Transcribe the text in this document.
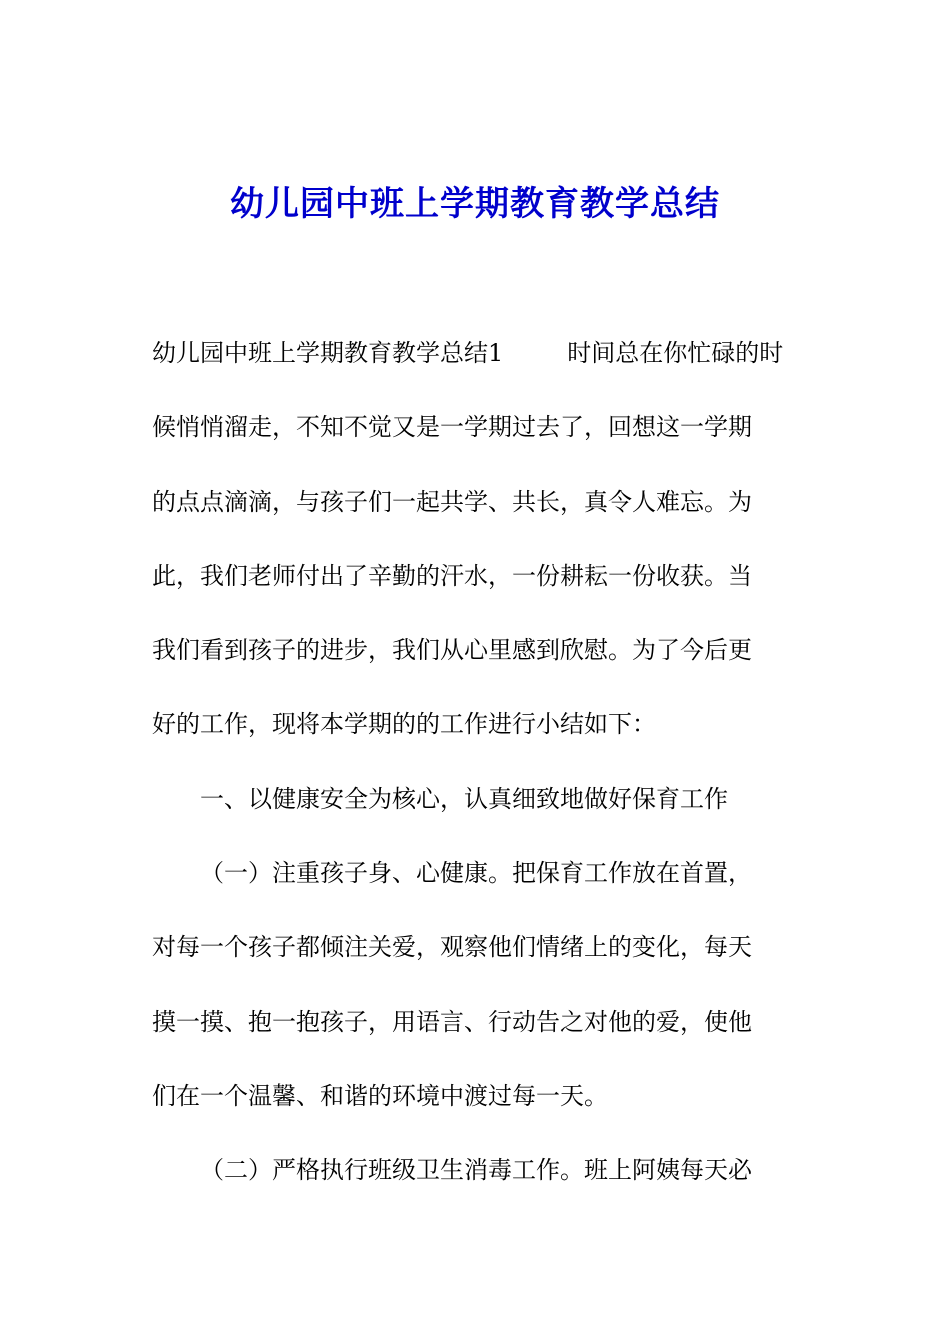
幼儿园中班上学期教育教学总结
幼儿园中班上学期教育教学总结1	时间总在你忙碌的时
候悄悄溜走，不知不觉又是一学期过去了，回想这一学期
的点点滴滴，与孩子们一起共学、共长，真令人难忘。为
此，我们老师付出了辛勤的汗水，一份耕耘一份收获。当
我们看到孩子的进步，我们从心里感到欣慰。为了今后更
好的工作，现将本学期的的工作进行小结如下：
一、以健康安全为核心，认真细致地做好保育工作
（一）注重孩子身、心健康。把保育工作放在首置，
对每一个孩子都倾注关爱，观察他们情绪上的变化，每天
摸一摸、抱一抱孩子，用语言、行动告之对他的爱，使他
们在一个温馨、和谐的环境中渡过每一天。
（二）严格执行班级卫生消毒工作。班上阿姨每天必
